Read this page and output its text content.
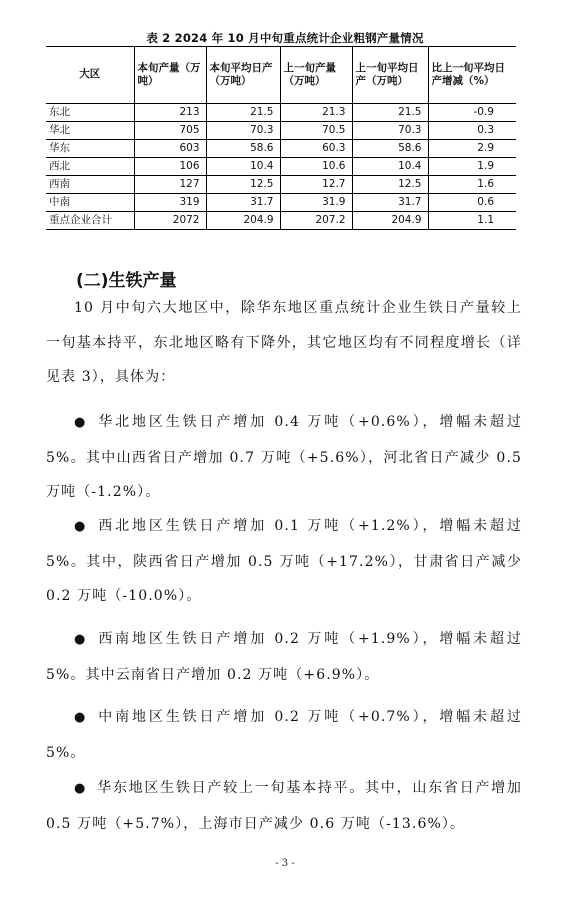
表 2 2024 年 10 月中旬重点统计企业粗钢产量情况
大区	本旬产量（万吨）	本旬平均日产（万吨）	上一旬产量（万吨）	上一旬平均日产（万吨）	比上一旬平均日产增减（%）
东北	213	21.5	21.3	21.5	-0.9
华北	705	70.3	70.5	70.3	0.3
华东	603	58.6	60.3	58.6	2.9
西北	106	10.4	10.6	10.4	1.9
西南	127	12.5	12.7	12.5	1.6
中南	319	31.7	31.9	31.7	0.6
重点企业合计	2072	204.9	207.2	204.9	1.1
(二)生铁产量

10 月中旬六大地区中，除华东地区重点统计企业生铁日产量较上一旬基本持平，东北地区略有下降外，其它地区均有不同程度增长（详见表 3），具体为：

● 华北地区生铁日产增加 0.4 万吨（+0.6%），增幅未超过 5%。其中山西省日产增加 0.7 万吨（+5.6%），河北省日产减少 0.5 万吨（-1.2%）。

● 西北地区生铁日产增加 0.1 万吨（+1.2%），增幅未超过 5%。其中，陕西省日产增加 0.5 万吨（+17.2%），甘肃省日产减少 0.2 万吨（-10.0%）。

● 西南地区生铁日产增加 0.2 万吨（+1.9%），增幅未超过 5%。其中云南省日产增加 0.2 万吨（+6.9%）。

● 中南地区生铁日产增加 0.2 万吨（+0.7%），增幅未超过 5%。

● 华东地区生铁日产较上一旬基本持平。其中，山东省日产增加 0.5 万吨（+5.7%），上海市日产减少 0.6 万吨（-13.6%）。

- 3 -
